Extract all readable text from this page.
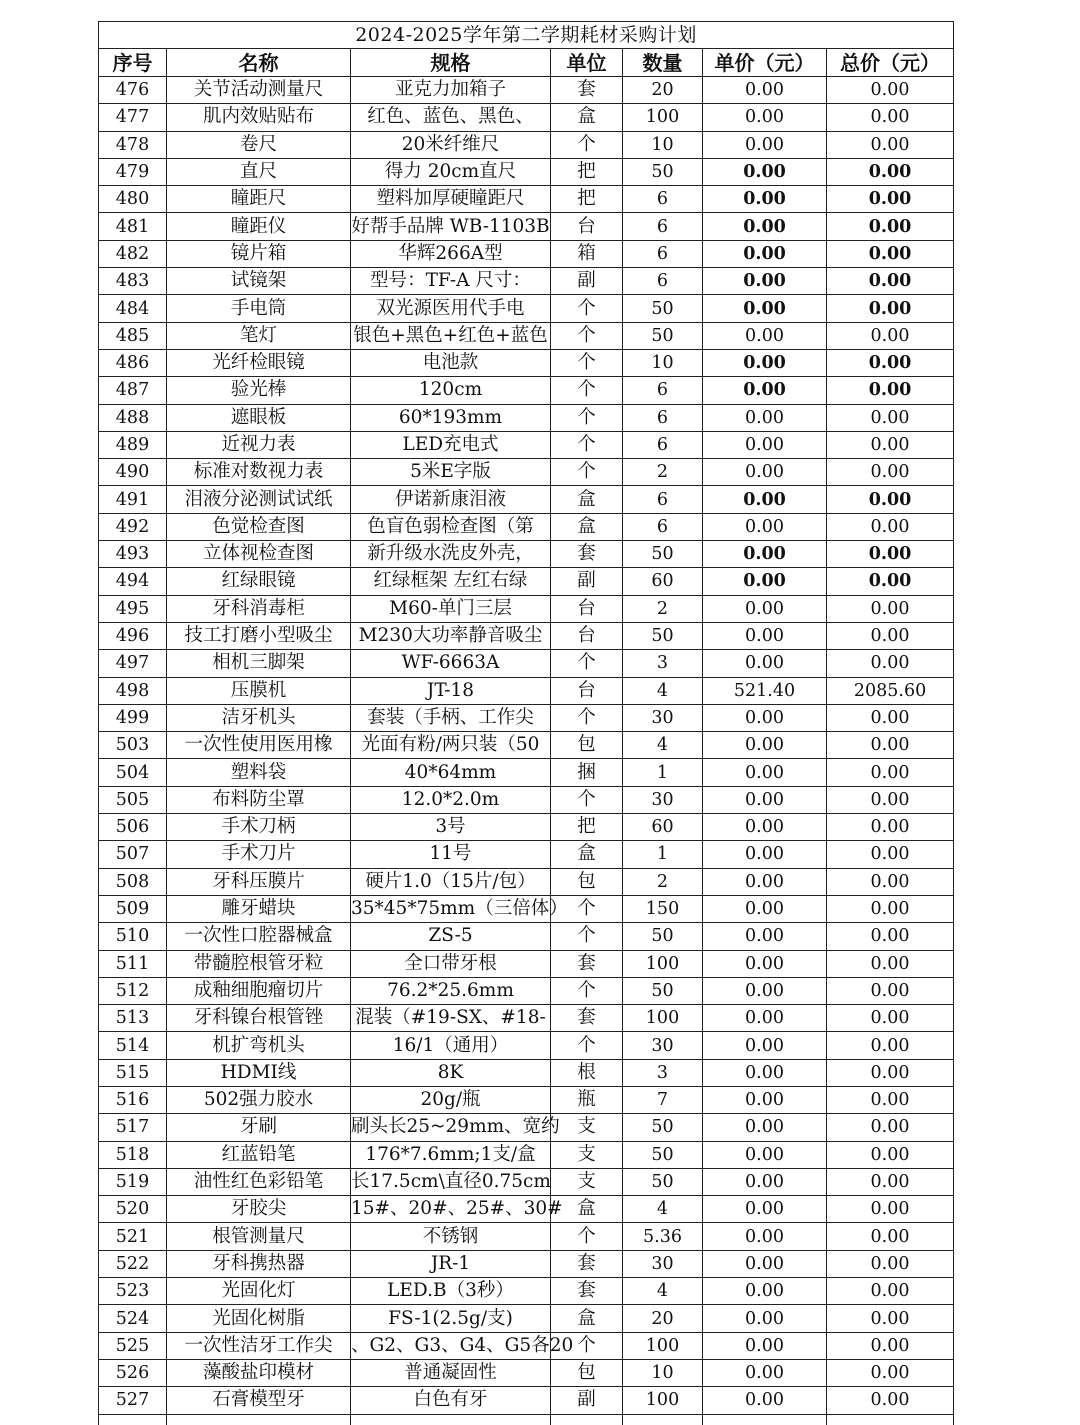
2024-2025学年第二学期耗材采购计划						
序号	名称	规格	单位	数量	单价（元）	总价（元）
476	关节活动测量尺	亚克力加箱子	套	20	0.00	0.00
477	肌内效贴贴布	红色、蓝色、黑色、	盒	100	0.00	0.00
478	卷尺	20米纤维尺	个	10	0.00	0.00
479	直尺	得力 20cm直尺	把	50	0.00	0.00
480	瞳距尺	塑料加厚硬瞳距尺	把	6	0.00	0.00
481	瞳距仪	好帮手品牌 WB-1103B	台	6	0.00	0.00
482	镜片箱	华辉266A型	箱	6	0.00	0.00
483	试镜架	型号：TF-A 尺寸：	副	6	0.00	0.00
484	手电筒	双光源医用代手电	个	50	0.00	0.00
485	笔灯	银色+黑色+红色+蓝色	个	50	0.00	0.00
486	光纤检眼镜	电池款	个	10	0.00	0.00
487	验光棒	120cm	个	6	0.00	0.00
488	遮眼板	60*193mm	个	6	0.00	0.00
489	近视力表	LED充电式	个	6	0.00	0.00
490	标准对数视力表	5米E字版	个	2	0.00	0.00
491	泪液分泌测试试纸	伊诺新康泪液	盒	6	0.00	0.00
492	色觉检查图	色盲色弱检查图（第	盒	6	0.00	0.00
493	立体视检查图	新升级水洗皮外壳，	套	50	0.00	0.00
494	红绿眼镜	红绿框架 左红右绿	副	60	0.00	0.00
495	牙科消毒柜	M60-单门三层	台	2	0.00	0.00
496	技工打磨小型吸尘	M230大功率静音吸尘	台	50	0.00	0.00
497	相机三脚架	WF-6663A	个	3	0.00	0.00
498	压膜机	JT-18	台	4	521.40	2085.60
499	洁牙机头	套装（手柄、工作尖	个	30	0.00	0.00
503	一次性使用医用橡	光面有粉/两只装（50	包	4	0.00	0.00
504	塑料袋	40*64mm	捆	1	0.00	0.00
505	布料防尘罩	12.0*2.0m	个	30	0.00	0.00
506	手术刀柄	3号	把	60	0.00	0.00
507	手术刀片	11号	盒	1	0.00	0.00
508	牙科压膜片	硬片1.0（15片/包）	包	2	0.00	0.00
509	雕牙蜡块	35*45*75mm（三倍体）	个	150	0.00	0.00
510	一次性口腔器械盒	ZS-5	个	50	0.00	0.00
511	带髓腔根管牙粒	全口带牙根	套	100	0.00	0.00
512	成釉细胞瘤切片	76.2*25.6mm	个	50	0.00	0.00
513	牙科镍台根管锉	混装（#19-SX、#18-	套	100	0.00	0.00
514	机扩弯机头	16/1（通用）	个	30	0.00	0.00
515	HDMI线	8K	根	3	0.00	0.00
516	502强力胶水	20g/瓶	瓶	7	0.00	0.00
517	牙刷	刷头长25~29mm、宽约	支	50	0.00	0.00
518	红蓝铅笔	176*7.6mm;1支/盒	支	50	0.00	0.00
519	油性红色彩铅笔	长17.5cm\直径0.75cm	支	50	0.00	0.00
520	牙胶尖	15#、20#、25#、30#	盒	4	0.00	0.00
521	根管测量尺	不锈钢	个	5.36	0.00	0.00
522	牙科携热器	JR-1	套	30	0.00	0.00
523	光固化灯	LED.B（3秒）	套	4	0.00	0.00
524	光固化树脂	FS-1(2.5g/支)	盒	20	0.00	0.00
525	一次性洁牙工作尖	、G2、G3、G4、G5各20	个	100	0.00	0.00
526	藻酸盐印模材	普通凝固性	包	10	0.00	0.00
527	石膏模型牙	白色有牙	副	100	0.00	0.00
